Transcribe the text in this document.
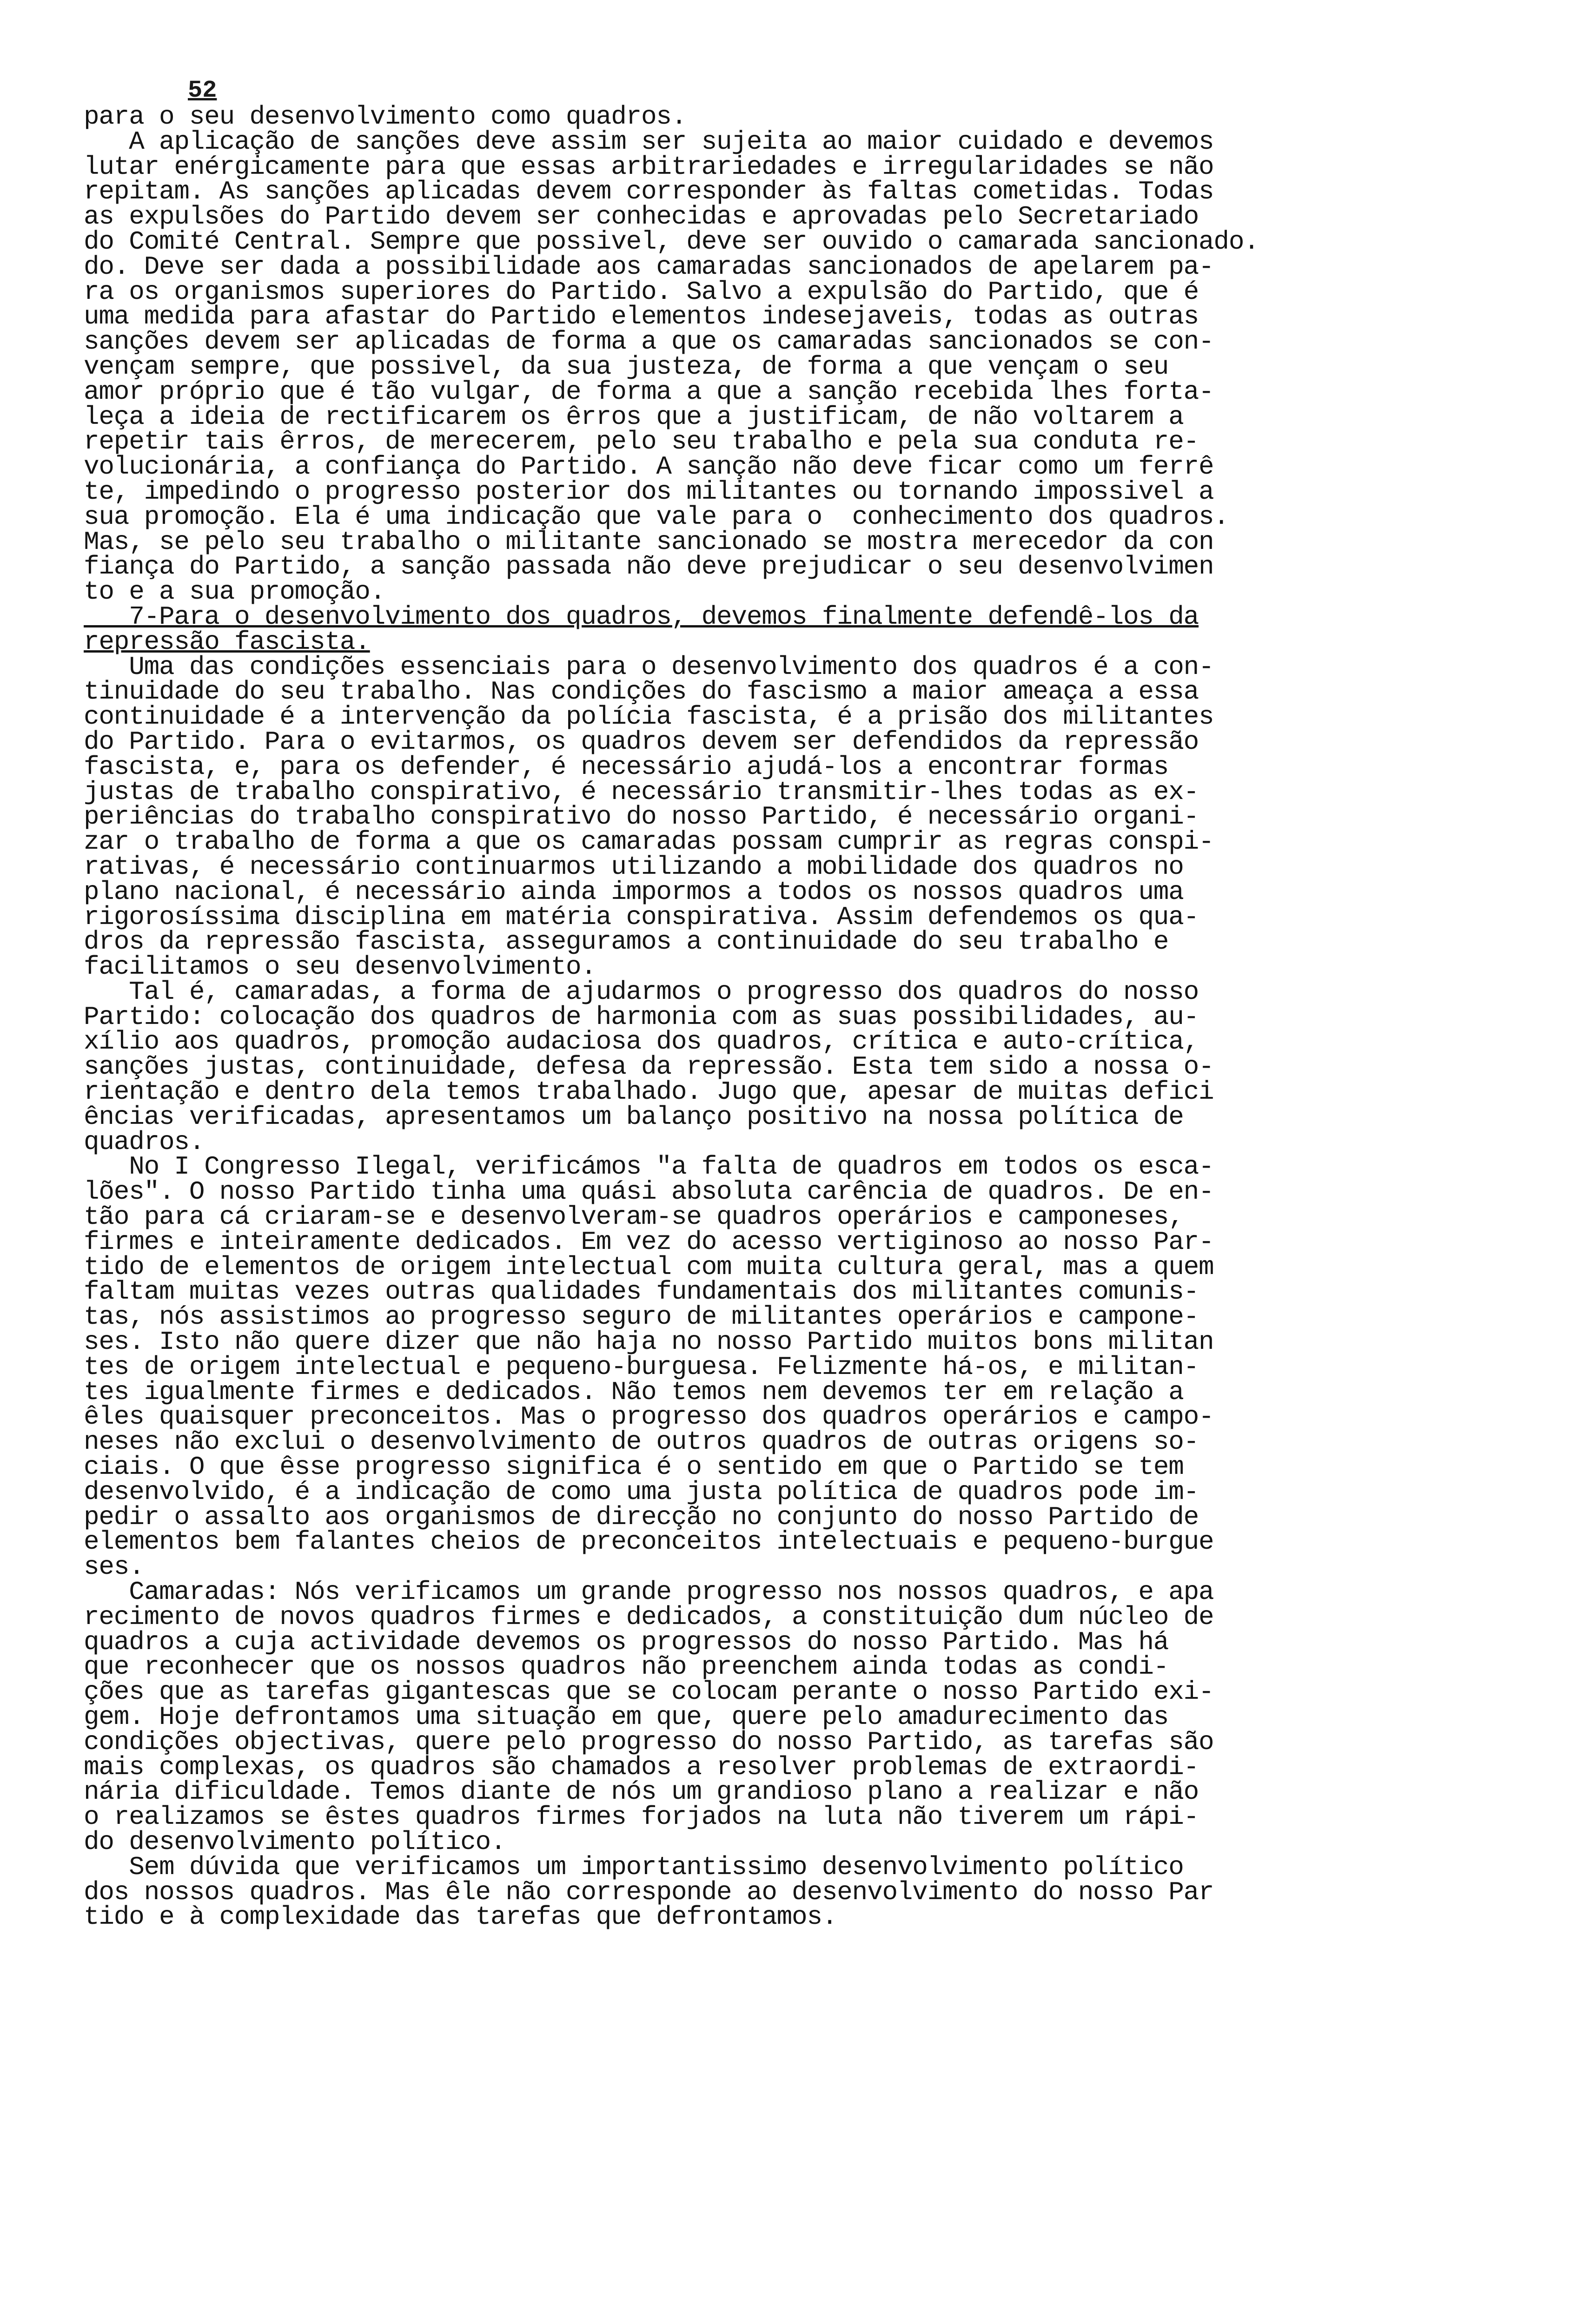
52
para o seu desenvolvimento como quadros.
A aplicação de sanções deve assim ser sujeita ao maior cuidado e devemos
lutar enérgicamente para que essas arbitrariedades e irregularidades se não
repitam. As sanções aplicadas devem corresponder às faltas cometidas. Todas
as expulsões do Partido devem ser conhecidas e aprovadas pelo Secretariado
do Comité Central. Sempre que possivel, deve ser ouvido o camarada sancionado.
do. Deve ser dada a possibilidade aos camaradas sancionados de apelarem pa-
ra os organismos superiores do Partido. Salvo a expulsão do Partido, que é
uma medida para afastar do Partido elementos indesejaveis, todas as outras
sanções devem ser aplicadas de forma a que os camaradas sancionados se con-
vençam sempre, que possivel, da sua justeza, de forma a que vençam o seu
amor próprio que é tão vulgar, de forma a que a sanção recebida lhes forta-
leça a ideia de rectificarem os êrros que a justificam, de não voltarem a
repetir tais êrros, de merecerem, pelo seu trabalho e pela sua conduta re-
volucionária, a confiança do Partido. A sanção não deve ficar como um ferrê
te, impedindo o progresso posterior dos militantes ou tornando impossivel a
sua promoção. Ela é uma indicação que vale para o  conhecimento dos quadros.
Mas, se pelo seu trabalho o militante sancionado se mostra merecedor da con
fiança do Partido, a sanção passada não deve prejudicar o seu desenvolvimen
to e a sua promoção.
7-Para o desenvolvimento dos quadros, devemos finalmente defendê-los da
repressão fascista.
Uma das condições essenciais para o desenvolvimento dos quadros é a con-
tinuidade do seu trabalho. Nas condições do fascismo a maior ameaça a essa
continuidade é a intervenção da polícia fascista, é a prisão dos militantes
do Partido. Para o evitarmos, os quadros devem ser defendidos da repressão
fascista, e, para os defender, é necessário ajudá-los a encontrar formas
justas de trabalho conspirativo, é necessário transmitir-lhes todas as ex-
periências do trabalho conspirativo do nosso Partido, é necessário organi-
zar o trabalho de forma a que os camaradas possam cumprir as regras conspi-
rativas, é necessário continuarmos utilizando a mobilidade dos quadros no
plano nacional, é necessário ainda impormos a todos os nossos quadros uma
rigorosíssima disciplina em matéria conspirativa. Assim defendemos os qua-
dros da repressão fascista, asseguramos a continuidade do seu trabalho e
facilitamos o seu desenvolvimento.
Tal é, camaradas, a forma de ajudarmos o progresso dos quadros do nosso
Partido: colocação dos quadros de harmonia com as suas possibilidades, au-
xílio aos quadros, promoção audaciosa dos quadros, crítica e auto-crítica,
sanções justas, continuidade, defesa da repressão. Esta tem sido a nossa o-
rientação e dentro dela temos trabalhado. Jugo que, apesar de muitas defici
ências verificadas, apresentamos um balanço positivo na nossa política de
quadros.
No I Congresso Ilegal, verificámos "a falta de quadros em todos os esca-
lões". O nosso Partido tinha uma quási absoluta carência de quadros. De en-
tão para cá criaram-se e desenvolveram-se quadros operários e camponeses,
firmes e inteiramente dedicados. Em vez do acesso vertiginoso ao nosso Par-
tido de elementos de origem intelectual com muita cultura geral, mas a quem
faltam muitas vezes outras qualidades fundamentais dos militantes comunis-
tas, nós assistimos ao progresso seguro de militantes operários e campone-
ses. Isto não quere dizer que não haja no nosso Partido muitos bons militan
tes de origem intelectual e pequeno-burguesa. Felizmente há-os, e militan-
tes igualmente firmes e dedicados. Não temos nem devemos ter em relação a
êles quaisquer preconceitos. Mas o progresso dos quadros operários e campo-
neses não exclui o desenvolvimento de outros quadros de outras origens so-
ciais. O que êsse progresso significa é o sentido em que o Partido se tem
desenvolvido, é a indicação de como uma justa política de quadros pode im-
pedir o assalto aos organismos de direcção no conjunto do nosso Partido de
elementos bem falantes cheios de preconceitos intelectuais e pequeno-burgue
ses.
Camaradas: Nós verificamos um grande progresso nos nossos quadros, e apa
recimento de novos quadros firmes e dedicados, a constituição dum núcleo de
quadros a cuja actividade devemos os progressos do nosso Partido. Mas há
que reconhecer que os nossos quadros não preenchem ainda todas as condi-
ções que as tarefas gigantescas que se colocam perante o nosso Partido exi-
gem. Hoje defrontamos uma situação em que, quere pelo amadurecimento das
condições objectivas, quere pelo progresso do nosso Partido, as tarefas são
mais complexas, os quadros são chamados a resolver problemas de extraordi-
nária dificuldade. Temos diante de nós um grandioso plano a realizar e não
o realizamos se êstes quadros firmes forjados na luta não tiverem um rápi-
do desenvolvimento político.
Sem dúvida que verificamos um importantissimo desenvolvimento político
dos nossos quadros. Mas êle não corresponde ao desenvolvimento do nosso Par
tido e à complexidade das tarefas que defrontamos.
